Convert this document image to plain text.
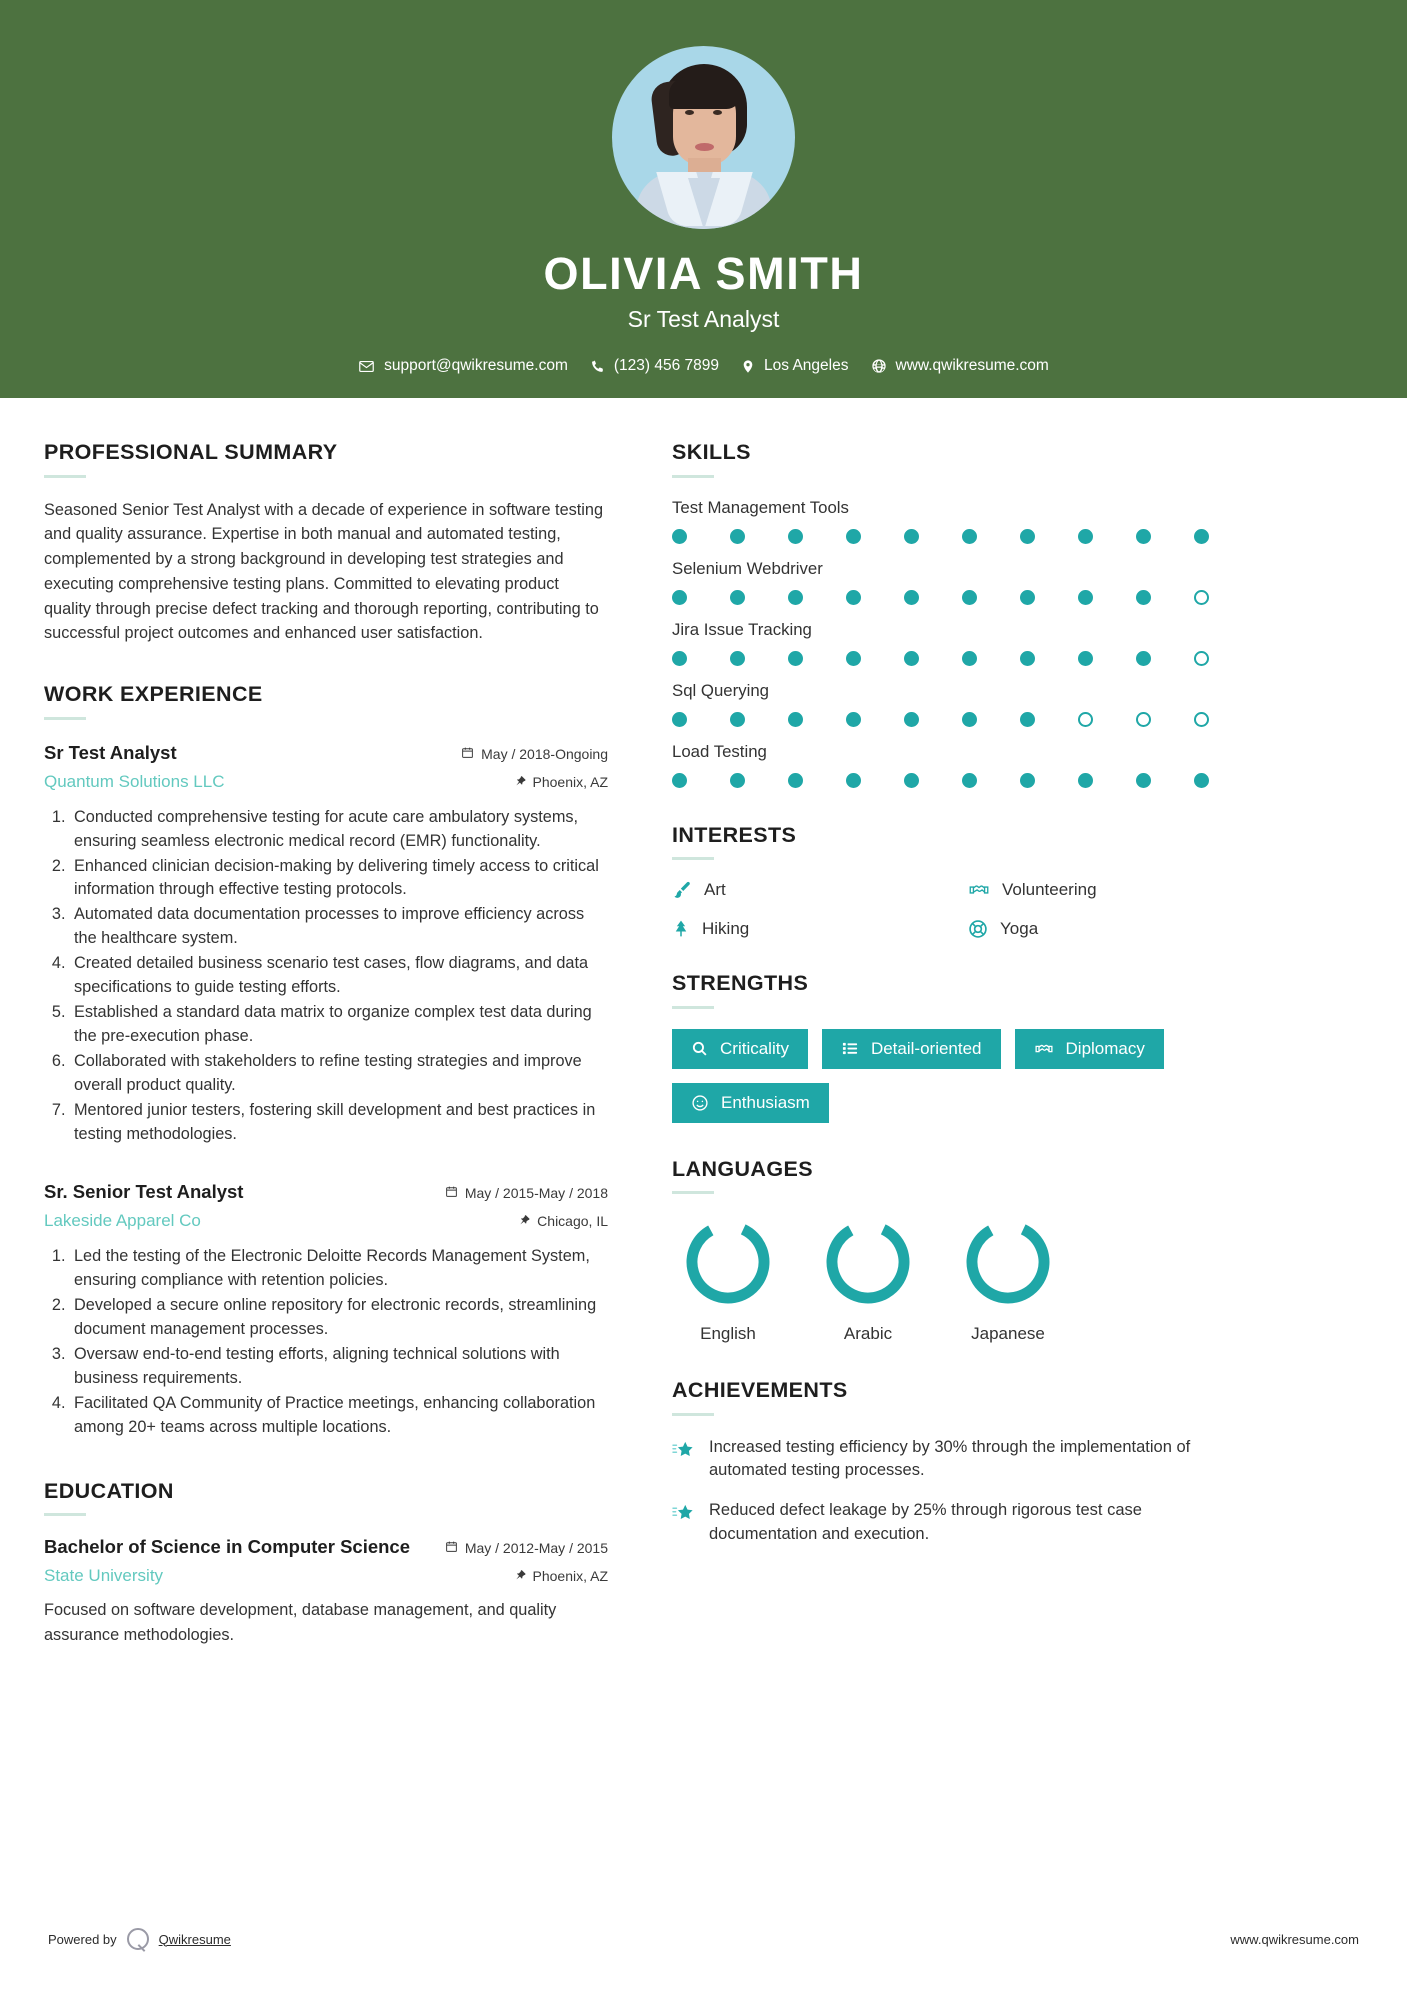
OLIVIA SMITH
Sr Test Analyst
support@qwikresume.com	(123) 456 7899	Los Angeles	www.qwikresume.com
PROFESSIONAL SUMMARY

Seasoned Senior Test Analyst with a decade of experience in software testing and quality assurance. Expertise in both manual and automated testing, complemented by a strong background in developing test strategies and executing comprehensive testing plans. Committed to elevating product quality through precise defect tracking and thorough reporting, contributing to successful project outcomes and enhanced user satisfaction.

WORK EXPERIENCE
Sr Test Analyst	May / 2018-Ongoing
Quantum Solutions LLC	Phoenix, AZ
1. Conducted comprehensive testing for acute care ambulatory systems, ensuring seamless electronic medical record (EMR) functionality.
2. Enhanced clinician decision-making by delivering timely access to critical information through effective testing protocols.
3. Automated data documentation processes to improve efficiency across the healthcare system.
4. Created detailed business scenario test cases, flow diagrams, and data specifications to guide testing efforts.
5. Established a standard data matrix to organize complex test data during the pre-execution phase.
6. Collaborated with stakeholders to refine testing strategies and improve overall product quality.
7. Mentored junior testers, fostering skill development and best practices in testing methodologies.
Sr. Senior Test Analyst	May / 2015-May / 2018
Lakeside Apparel Co	Chicago, IL
1. Led the testing of the Electronic Deloitte Records Management System, ensuring compliance with retention policies.
2. Developed a secure online repository for electronic records, streamlining document management processes.
3. Oversaw end-to-end testing efforts, aligning technical solutions with business requirements.
4. Facilitated QA Community of Practice meetings, enhancing collaboration among 20+ teams across multiple locations.
EDUCATION
Bachelor of Science in Computer Science	May / 2012-May / 2015
State University	Phoenix, AZ

Focused on software development, database management, and quality assurance methodologies.

SKILLS
Test Management Tools
Selenium Webdriver
Jira Issue Tracking
Sql Querying
Load Testing
INTERESTS
Art	Volunteering
Hiking	Yoga
STRENGTHS
Criticality	Detail-oriented	Diplomacy
Enthusiasm
LANGUAGES
English	Arabic	Japanese
ACHIEVEMENTS
Increased testing efficiency by 30% through the implementation of automated testing processes.
Reduced defect leakage by 25% through rigorous test case documentation and execution.
Powered by	Qwikresume	www.qwikresume.com
